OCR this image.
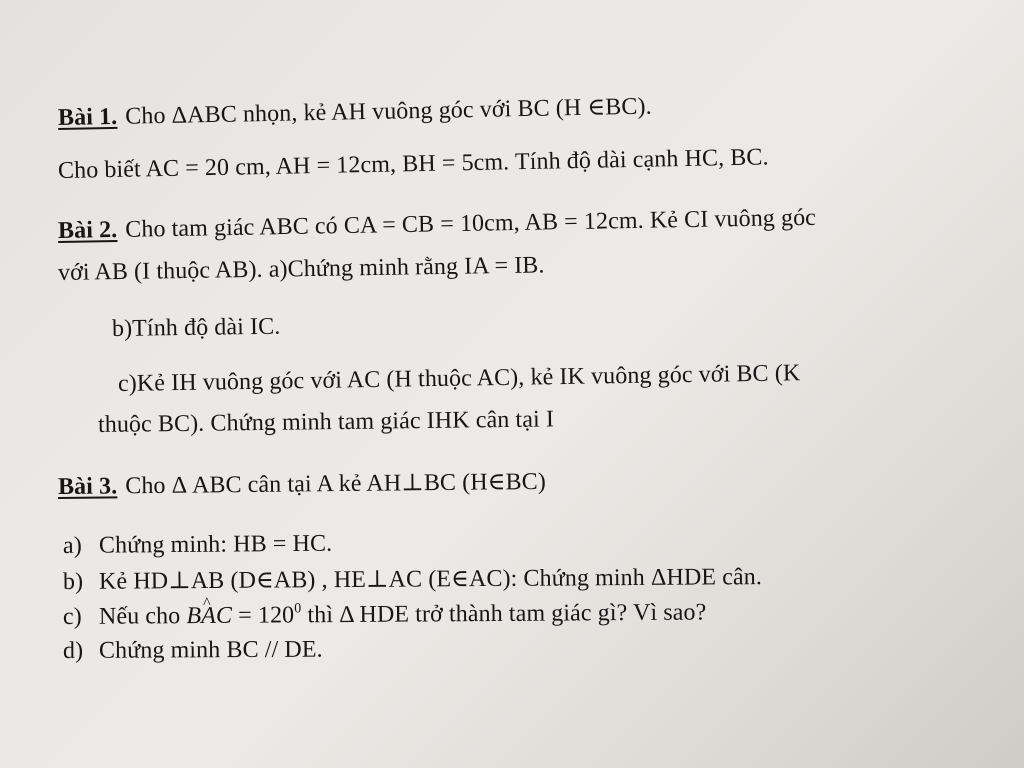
Bài 1. Cho ΔABC nhọn, kẻ AH vuông góc với BC (H ∈BC).
Cho biết AC = 20 cm, AH = 12cm, BH = 5cm. Tính độ dài cạnh HC, BC.
Bài 2. Cho tam giác ABC có CA = CB = 10cm, AB = 12cm. Kẻ CI vuông góc
với AB (I thuộc AB). a)Chứng minh rằng IA = IB.
b)Tính độ dài IC.
c)Kẻ IH vuông góc với AC (H thuộc AC), kẻ IK vuông góc với BC (K
thuộc BC). Chứng minh tam giác IHK cân tại I
Bài 3. Cho Δ ABC cân tại A kẻ AH⊥BC (H∈BC)
a) Chứng minh: HB = HC.
b) Kẻ HD⊥AB (D∈AB) , HE⊥AC (E∈AC): Chứng minh ΔHDE cân.
c) Nếu cho B^ AC = $120^0$ thì Δ HDE trở thành tam giác gì? Vì sao?
d) Chứng minh BC // DE.
